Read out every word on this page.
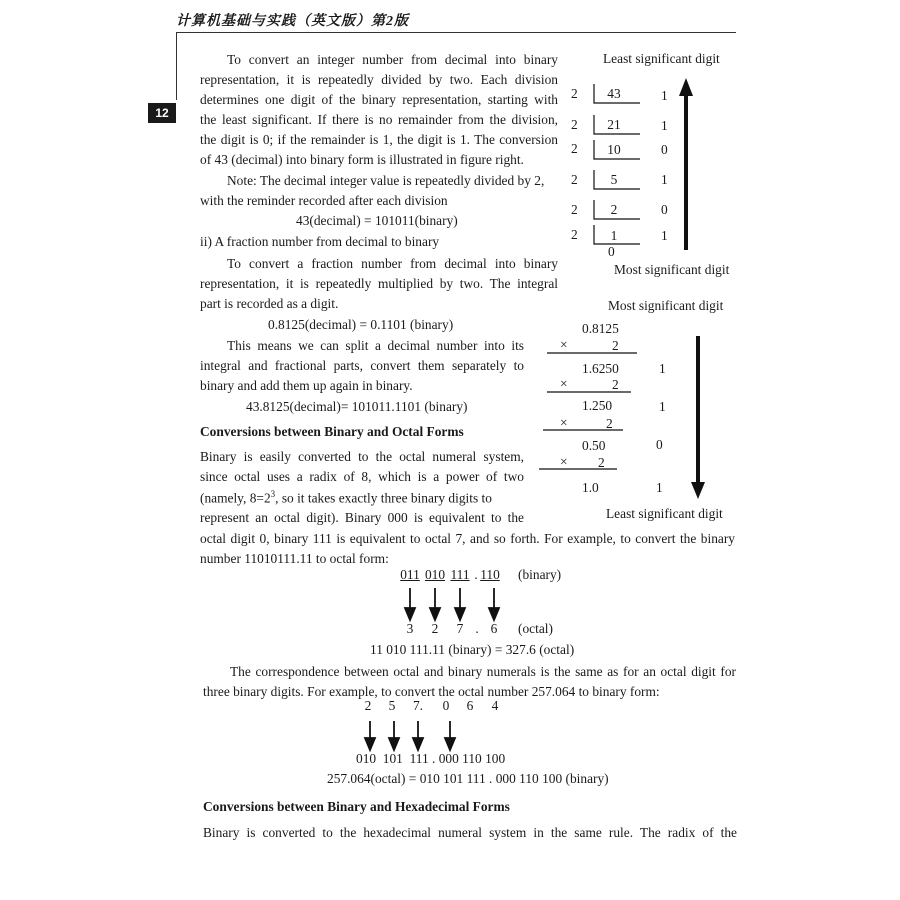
计算机基础与实践（英文版）第2版
12
To convert an integer number from decimal into binary
representation, it is repeatedly divided by two. Each division
determines one digit of the binary representation, starting with
the least significant. If there is no remainder from the division,
the digit is 0; if the remainder is 1, the digit is 1. The conversion
of 43 (decimal) into binary form is illustrated in figure right.
Note: The decimal integer value is repeatedly divided by 2,
with the reminder recorded after each division
43(decimal) = 101011(binary)
ii) A fraction number from decimal to binary
To convert a fraction number from decimal into binary
representation, it is repeatedly multiplied by two. The integral
part is recorded as a digit.
0.8125(decimal) = 0.1101 (binary)
This means we can split a decimal number into its
integral and fractional parts, convert them separately to
binary and add them up again in binary.
43.8125(decimal)= 101011.1101 (binary)
Conversions between Binary and Octal Forms
Binary is easily converted to the octal numeral system,
since octal uses a radix of 8, which is a power of two
(namely, $8=2^3$, so it takes exactly three binary digits to
represent an octal digit). Binary 000 is equivalent to the
octal digit 0, binary 111 is equivalent to octal 7, and so forth. For example, to convert the binary
number 11010111.11 to octal form:
011 010 111 . 110 (binary)
3 2 7 . 6 (octal)
11 010 111.11 (binary) = 327.6 (octal)
The correspondence between octal and binary numerals is the same as for an octal digit for
three binary digits. For example, to convert the octal number 257.064 to binary form:
2 5 7. 0 6 4
010  101  111 . 000 110 100
257.064(octal) = 010 101 111 . 000 110 100 (binary)
Conversions between Binary and Hexadecimal Forms
Binary is converted to the hexadecimal numeral system in the same rule. The radix of the
Least significant digit
2	43	1
2	21	1
2	10	0
2	5	1
2	2	0
2	1	1
0
Most significant digit
Most significant digit
0.8125
×	2
1.6250	1
×	2
1.250	1
×	2
0.50	0
× 2
1.0	1
Least significant digit
